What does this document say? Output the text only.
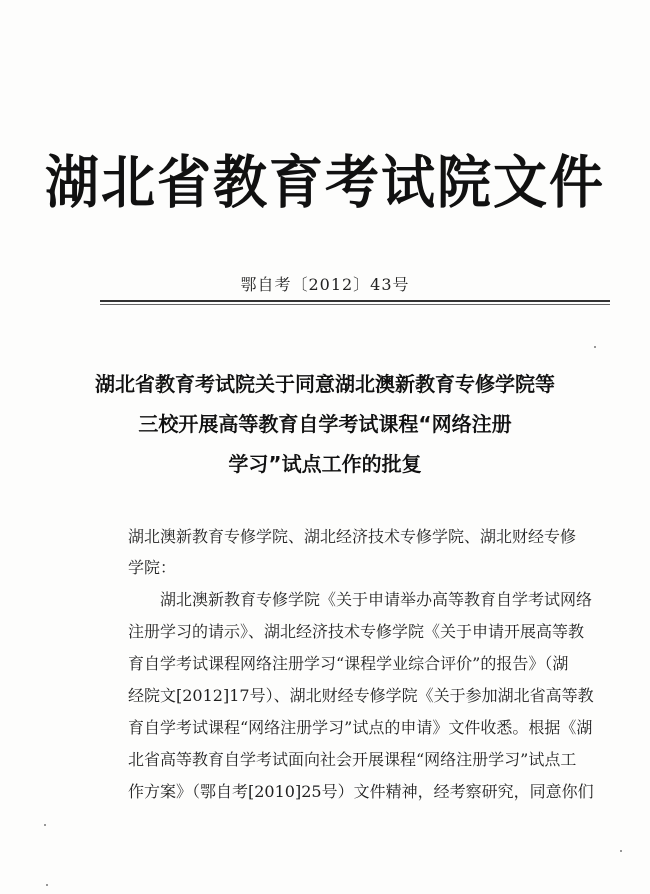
湖北省教育考试院文件
鄂自考〔2012〕43号
湖北省教育考试院关于同意湖北澳新教育专修学院等
三校开展高等教育自学考试课程“网络注册
学习”试点工作的批复
湖北澳新教育专修学院、湖北经济技术专修学院、湖北财经专修
学院：
湖北澳新教育专修学院《关于申请举办高等教育自学考试网络
注册学习的请示》、湖北经济技术专修学院《关于申请开展高等教
育自学考试课程网络注册学习“课程学业综合评价”的报告》（湖
经院文[2012]17号）、湖北财经专修学院《关于参加湖北省高等教
育自学考试课程“网络注册学习”试点的申请》文件收悉。根据《湖
北省高等教育自学考试面向社会开展课程“网络注册学习”试点工
作方案》（鄂自考[2010]25号）文件精神，经考察研究，同意你们
